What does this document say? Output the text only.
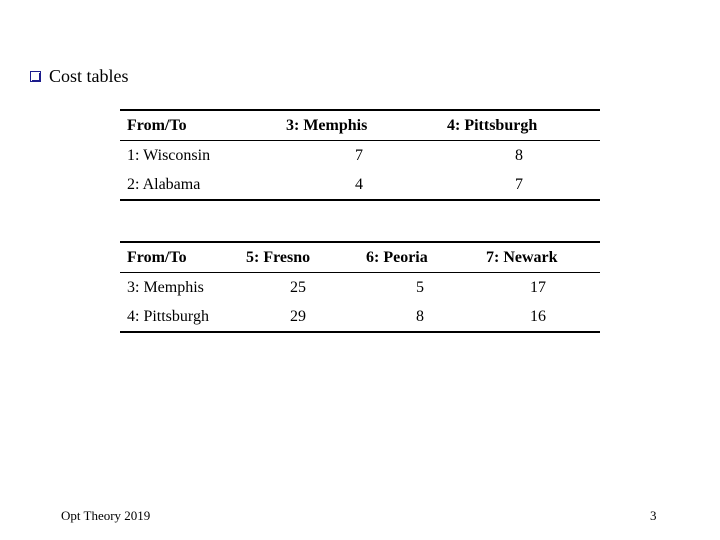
Cost tables
From/To	3: Memphis	4: Pittsburgh
1: Wisconsin	7	8
2: Alabama	4	7
From/To	5: Fresno	6: Peoria	7: Newark
3: Memphis	25	5	17
4: Pittsburgh	29	8	16
Opt Theory 2019	3
